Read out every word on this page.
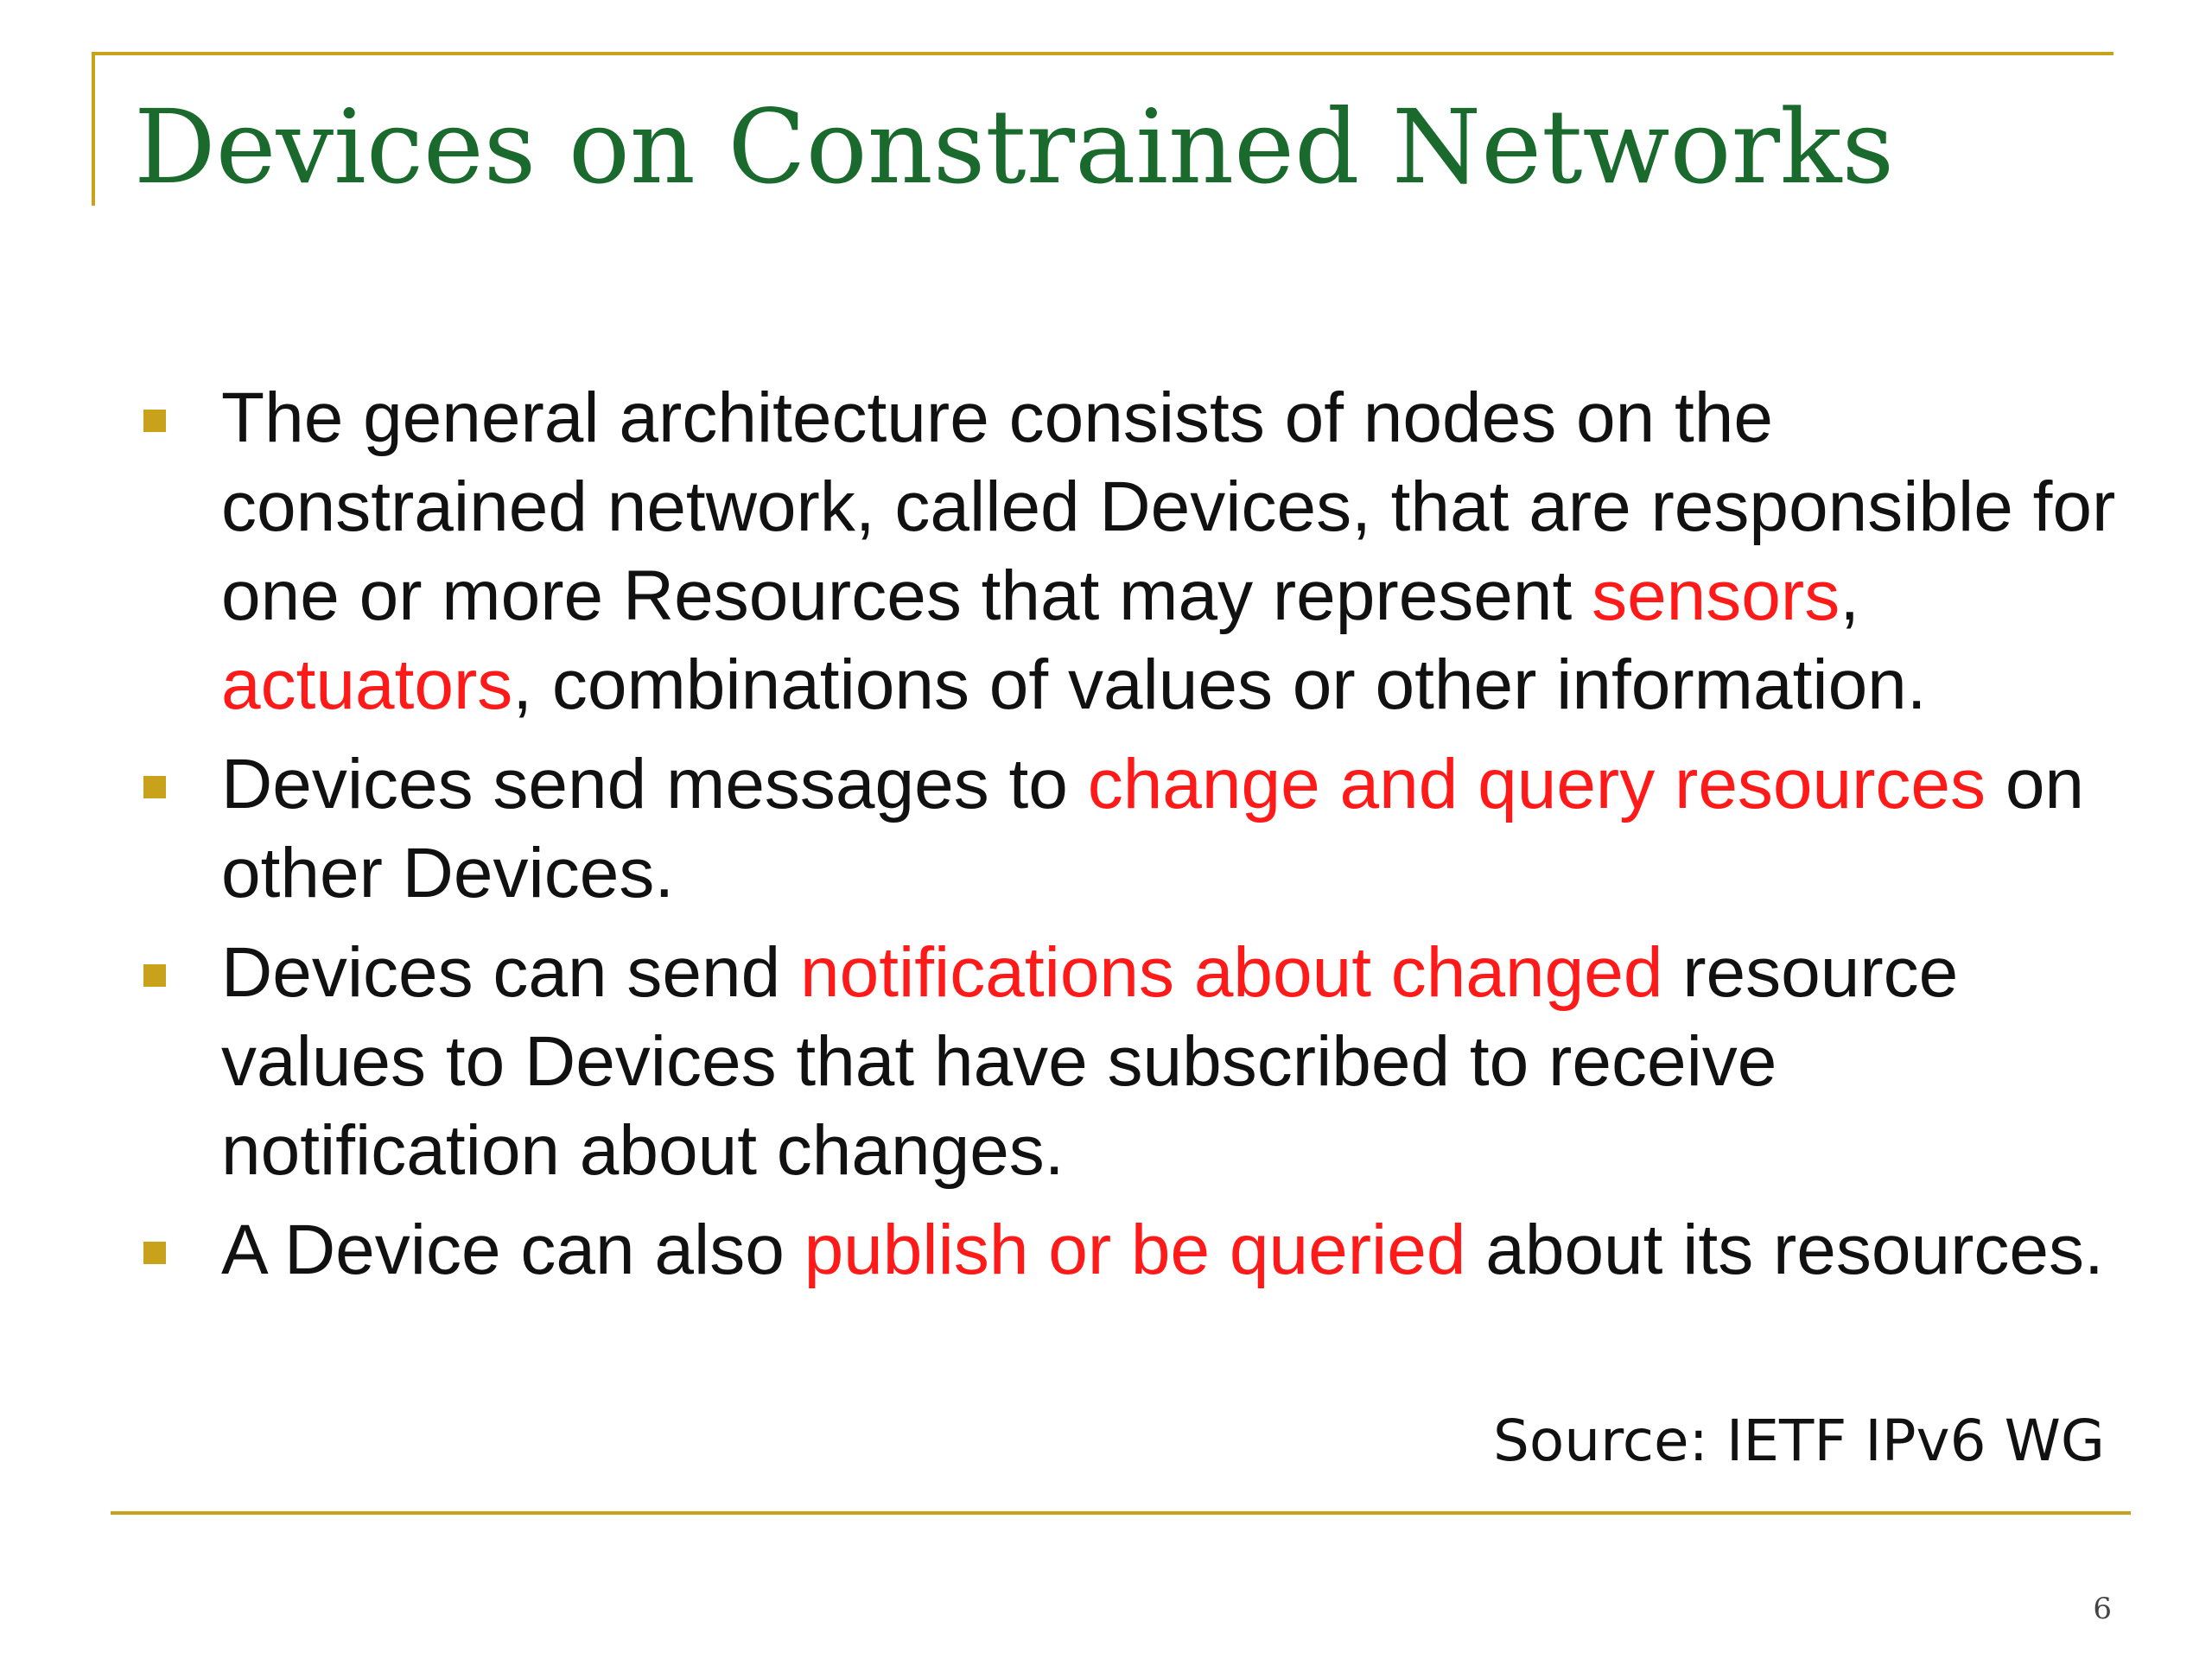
Devices on Constrained Networks
The general architecture consists of nodes on the constrained network, called Devices, that are responsible for one or more Resources that may represent sensors, actuators, combinations of values or other information.
Devices send messages to change and query resources on other Devices.
Devices can send notifications about changed resource values to Devices that have subscribed to receive notification about changes.
A Device can also publish or be queried about its resources.
Source: IETF IPv6 WG
6
